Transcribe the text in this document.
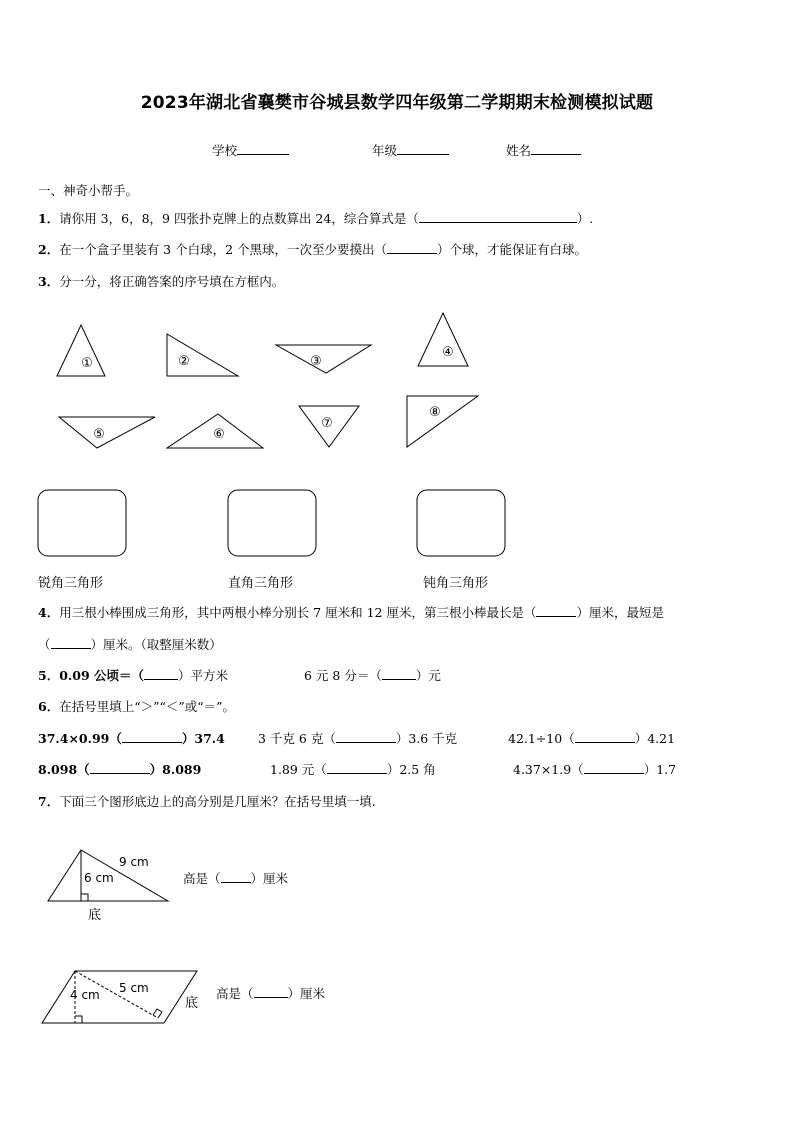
2023年湖北省襄樊市谷城县数学四年级第二学期期末检测模拟试题
学校	年级	姓名
一、神奇小帮手。
1．请你用 3，6，8，9 四张扑克牌上的点数算出 24，综合算式是（	）.
2．在一个盒子里装有 3 个白球，2 个黑球，一次至少要摸出（	）个球，才能保证有白球。
3．分一分，将正确答案的序号填在方框内。
①	②	③
④
⑤	⑥
⑦
⑧
锐角三角形	直角三角形	钝角三角形
4．用三根小棒围成三角形，其中两根小棒分别长 7 厘米和 12 厘米，第三根小棒最长是（	）厘米，最短是
（	）厘米。（取整厘米数）
5．0.09 公顷＝（	）平方米	6 元 8 分＝（	）元
6．在括号里填上“＞”“＜”或“＝”。
37.4×0.99（	）37.4	3 千克 6 克（	）3.6 千克	42.1÷10（	）4.21
8.098（	）8.089	1.89 元（	）2.5 角	4.37×1.9（	）1.7
7．下面三个图形底边上的高分别是几厘米？在括号里填一填.
9 cm
6 cm
底
5 cm
4 cm
底
高是（ ）厘米
高是（	）厘米
